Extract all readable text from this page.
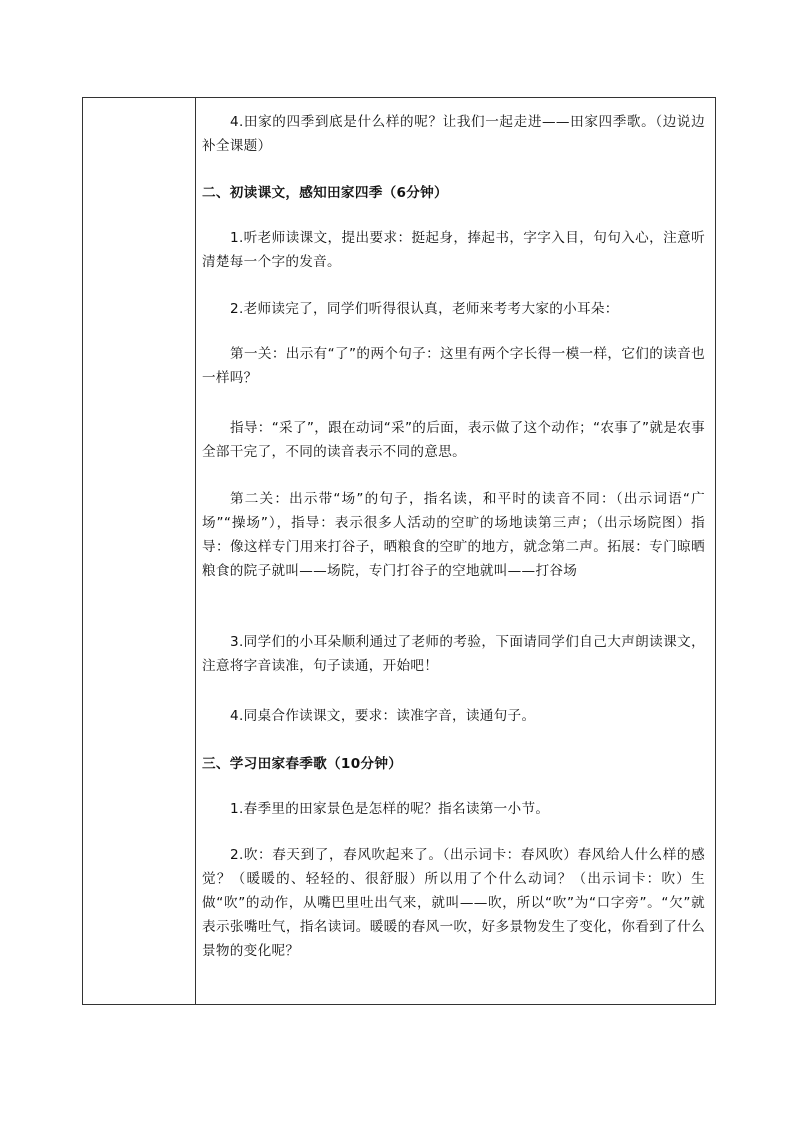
4.田家的四季到底是什么样的呢？让我们一起走进——田家四季歌。（边说边补全课题）

二、初读课文，感知田家四季（6分钟）

1.听老师读课文，提出要求：挺起身，捧起书，字字入目，句句入心，注意听清楚每一个字的发音。

2.老师读完了，同学们听得很认真，老师来考考大家的小耳朵：

第一关：出示有“了”的两个句子：这里有两个字长得一模一样，它们的读音也一样吗？

指导：“采了”，跟在动词“采”的后面，表示做了这个动作；“农事了”就是农事全部干完了，不同的读音表示不同的意思。

第二关：出示带“场”的句子，指名读，和平时的读音不同：（出示词语“广场”“操场”），指导：表示很多人活动的空旷的场地读第三声；（出示场院图）指导：像这样专门用来打谷子，晒粮食的空旷的地方，就念第二声。拓展：专门晾晒粮食的院子就叫——场院，专门打谷子的空地就叫——打谷场

3.同学们的小耳朵顺利通过了老师的考验，下面请同学们自己大声朗读课文，注意将字音读准，句子读通，开始吧！

4.同桌合作读课文，要求：读准字音，读通句子。

三、学习田家春季歌（10分钟）

1.春季里的田家景色是怎样的呢？指名读第一小节。

2.吹：春天到了，春风吹起来了。（出示词卡：春风吹）春风给人什么样的感觉？（暖暖的、轻轻的、很舒服）所以用了个什么动词？（出示词卡：吹）生做“吹”的动作，从嘴巴里吐出气来，就叫——吹，所以“吹”为“口字旁”。“欠”就表示张嘴吐气，指名读词。暖暖的春风一吹，好多景物发生了变化，你看到了什么景物的变化呢？
